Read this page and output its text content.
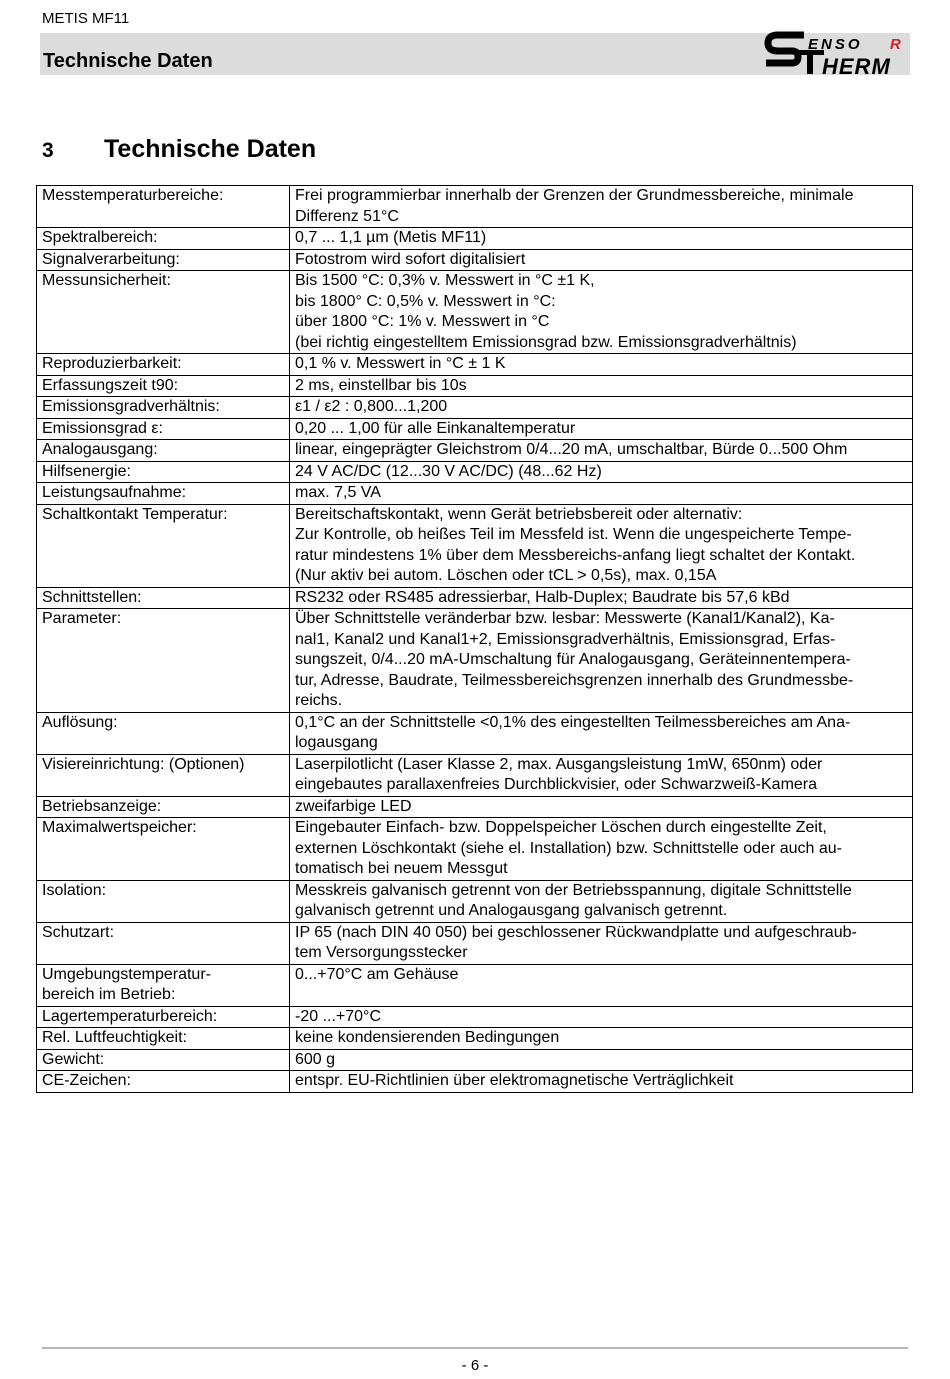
METIS MF11
Technische Daten
ENSO R
HERM
3 Technische Daten
Messtemperaturbereiche:	Frei programmierbar innerhalb der Grenzen der Grundmessbereiche, minimale
Differenz 51°C

Spektralbereich:	0,7 ... 1,1 µm (Metis MF11)

Signalverarbeitung:	Fotostrom wird sofort digitalisiert

Messunsicherheit:	Bis 1500 °C: 0,3% v. Messwert in °C ±1 K,
bis 1800° C: 0,5% v. Messwert in °C:
über 1800 °C: 1% v. Messwert in °C
(bei richtig eingestelltem Emissionsgrad bzw. Emissionsgradverhältnis)

Reproduzierbarkeit:	0,1 % v. Messwert in °C ± 1 K

Erfassungszeit t90:	2 ms, einstellbar bis 10s

Emissionsgradverhältnis:	ε1 / ε2 : 0,800...1,200

Emissionsgrad ε:	0,20 ... 1,00 für alle Einkanaltemperatur

Analogausgang:	linear, eingeprägter Gleichstrom 0/4...20 mA, umschaltbar, Bürde 0...500 Ohm

Hilfsenergie:	24 V AC/DC (12...30 V AC/DC) (48...62 Hz)

Leistungsaufnahme:	max. 7,5 VA

Schaltkontakt Temperatur:	Bereitschaftskontakt, wenn Gerät betriebsbereit oder alternativ:
Zur Kontrolle, ob heißes Teil im Messfeld ist. Wenn die ungespeicherte Tempe-
ratur mindestens 1% über dem Messbereichs-anfang liegt schaltet der Kontakt.
(Nur aktiv bei autom. Löschen oder tCL > 0,5s), max. 0,15A

Schnittstellen:	RS232 oder RS485 adressierbar, Halb-Duplex; Baudrate bis 57,6 kBd

Parameter:	Über Schnittstelle veränderbar bzw. lesbar: Messwerte (Kanal1/Kanal2), Ka-
nal1, Kanal2 und Kanal1+2, Emissionsgradverhältnis, Emissionsgrad, Erfas-
sungszeit, 0/4...20 mA-Umschaltung für Analogausgang, Geräteinnentempera-
tur, Adresse, Baudrate, Teilmessbereichsgrenzen innerhalb des Grundmessbe-
reichs.

Auflösung:	0,1°C an der Schnittstelle <0,1% des eingestellten Teilmessbereiches am Ana-
logausgang

Visiereinrichtung: (Optionen)	Laserpilotlicht (Laser Klasse 2, max. Ausgangsleistung 1mW, 650nm) oder
eingebautes parallaxenfreies Durchblickvisier, oder Schwarzweiß-Kamera

Betriebsanzeige:	zweifarbige LED

Maximalwertspeicher:	Eingebauter Einfach- bzw. Doppelspeicher Löschen durch eingestellte Zeit,
externen Löschkontakt (siehe el. Installation) bzw. Schnittstelle oder auch au-
tomatisch bei neuem Messgut

Isolation:	Messkreis galvanisch getrennt von der Betriebsspannung, digitale Schnittstelle
galvanisch getrennt und Analogausgang galvanisch getrennt.

Schutzart:	IP 65 (nach DIN 40 050) bei geschlossener Rückwandplatte und aufgeschraub-
tem Versorgungsstecker

Umgebungstemperatur-
bereich im Betrieb:	0...+70°C am Gehäuse

Lagertemperaturbereich:	-20 ...+70°C

Rel. Luftfeuchtigkeit:	keine kondensierenden Bedingungen

Gewicht:	600 g

CE-Zeichen:	entspr. EU-Richtlinien über elektromagnetische Verträglichkeit
- 6 -
